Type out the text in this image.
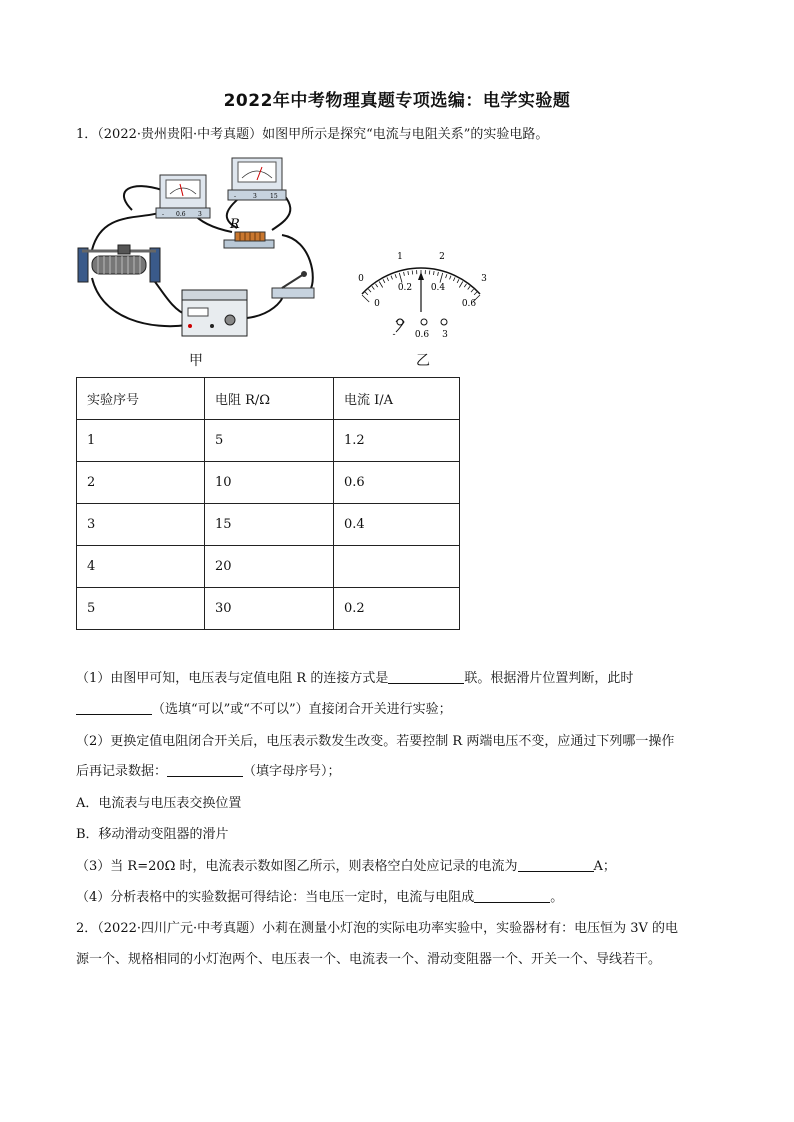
2022年中考物理真题专项选编：电学实验题
1．（2022·贵州贵阳·中考真题）如图甲所示是探究“电流与电阻关系”的实验电路。
- 0.6 3
-	3 15
R
甲
0
1	2
3
0
0.2 0.4
0.6
- 0.6 3
乙
实验序号	电阻 R/Ω	电流 I/A
1	5	1.2
2	10	0.6
3	15	0.4
4	20	
5	30	0.2
（1）由图甲可知，电压表与定值电阻 R 的连接方式是	联。根据滑片位置判断，此时
（选填“可以”或“不可以”）直接闭合开关进行实验；
（2）更换定值电阻闭合开关后，电压表示数发生改变。若要控制 R 两端电压不变，应通过下列哪一操作
后再记录数据：	（填字母序号）；
A．电流表与电压表交换位置
B．移动滑动变阻器的滑片
（3）当 R=20Ω 时，电流表示数如图乙所示，则表格空白处应记录的电流为	A；
（4）分析表格中的实验数据可得结论：当电压一定时，电流与电阻成	。
2．（2022·四川广元·中考真题）小莉在测量小灯泡的实际电功率实验中，实验器材有：电压恒为 3V 的电
源一个、规格相同的小灯泡两个、电压表一个、电流表一个、滑动变阻器一个、开关一个、导线若干。
